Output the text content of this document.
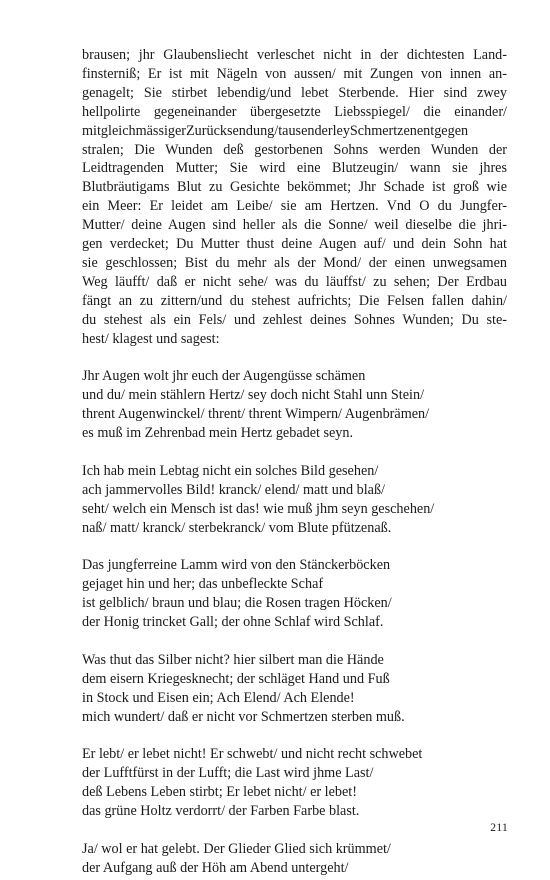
brausen; jhr Glaubensliecht verleschet nicht in der dichtesten Land-
finsterniß; Er ist mit Nägeln von aussen/ mit Zungen von innen an-
genagelt; Sie stirbet lebendig/und lebet Sterbende. Hier sind zwey
hellpolirte gegeneinander übergesetzte Liebsspiegel/ die einander/
mitgleichmässigerZurücksendung/tausenderleySchmertzenentgegen
stralen; Die Wunden deß gestorbenen Sohns werden Wunden der
Leidtragenden Mutter; Sie wird eine Blutzeugin/ wann sie jhres
Blutbräutigams Blut zu Gesichte bekömmet; Jhr Schade ist groß wie
ein Meer: Er leidet am Leibe/ sie am Hertzen. Vnd O du Jungfer-
Mutter/ deine Augen sind heller als die Sonne/ weil dieselbe die jhri-
gen verdecket; Du Mutter thust deine Augen auf/ und dein Sohn hat
sie geschlossen; Bist du mehr als der Mond/ der einen unwegsamen
Weg läufft/ daß er nicht sehe/ was du läuffst/ zu sehen; Der Erdbau
fängt an zu zittern/und du stehest aufrichts; Die Felsen fallen dahin/
du stehest als ein Fels/ und zehlest deines Sohnes Wunden; Du ste-
hest/ klagest und sagest:
Jhr Augen wolt jhr euch der Augengüsse schämen
und du/ mein stählern Hertz/ sey doch nicht Stahl unn Stein/
thrent Augenwinckel/ thrent/ thrent Wimpern/ Augenbrämen/
es muß im Zehrenbad mein Hertz gebadet seyn.
Ich hab mein Lebtag nicht ein solches Bild gesehen/
ach jammervolles Bild! kranck/ elend/ matt und blaß/
seht/ welch ein Mensch ist das! wie muß jhm seyn geschehen/
naß/ matt/ kranck/ sterbekranck/ vom Blute pfützenaß.
Das jungferreine Lamm wird von den Stänckerböcken
gejaget hin und her; das unbefleckte Schaf
ist gelblich/ braun und blau; die Rosen tragen Höcken/
der Honig trincket Gall; der ohne Schlaf wird Schlaf.
Was thut das Silber nicht? hier silbert man die Hände
dem eisern Kriegesknecht; der schläget Hand und Fuß
in Stock und Eisen ein; Ach Elend/ Ach Elende!
mich wundert/ daß er nicht vor Schmertzen sterben muß.
Er lebt/ er lebet nicht! Er schwebt/ und nicht recht schwebet
der Lufftfürst in der Lufft; die Last wird jhme Last/
deß Lebens Leben stirbt; Er lebet nicht/ er lebet!
das grüne Holtz verdorrt/ der Farben Farbe blast.
Ja/ wol er hat gelebt. Der Glieder Glied sich krümmet/
der Aufgang auß der Höh am Abend untergeht/
211
